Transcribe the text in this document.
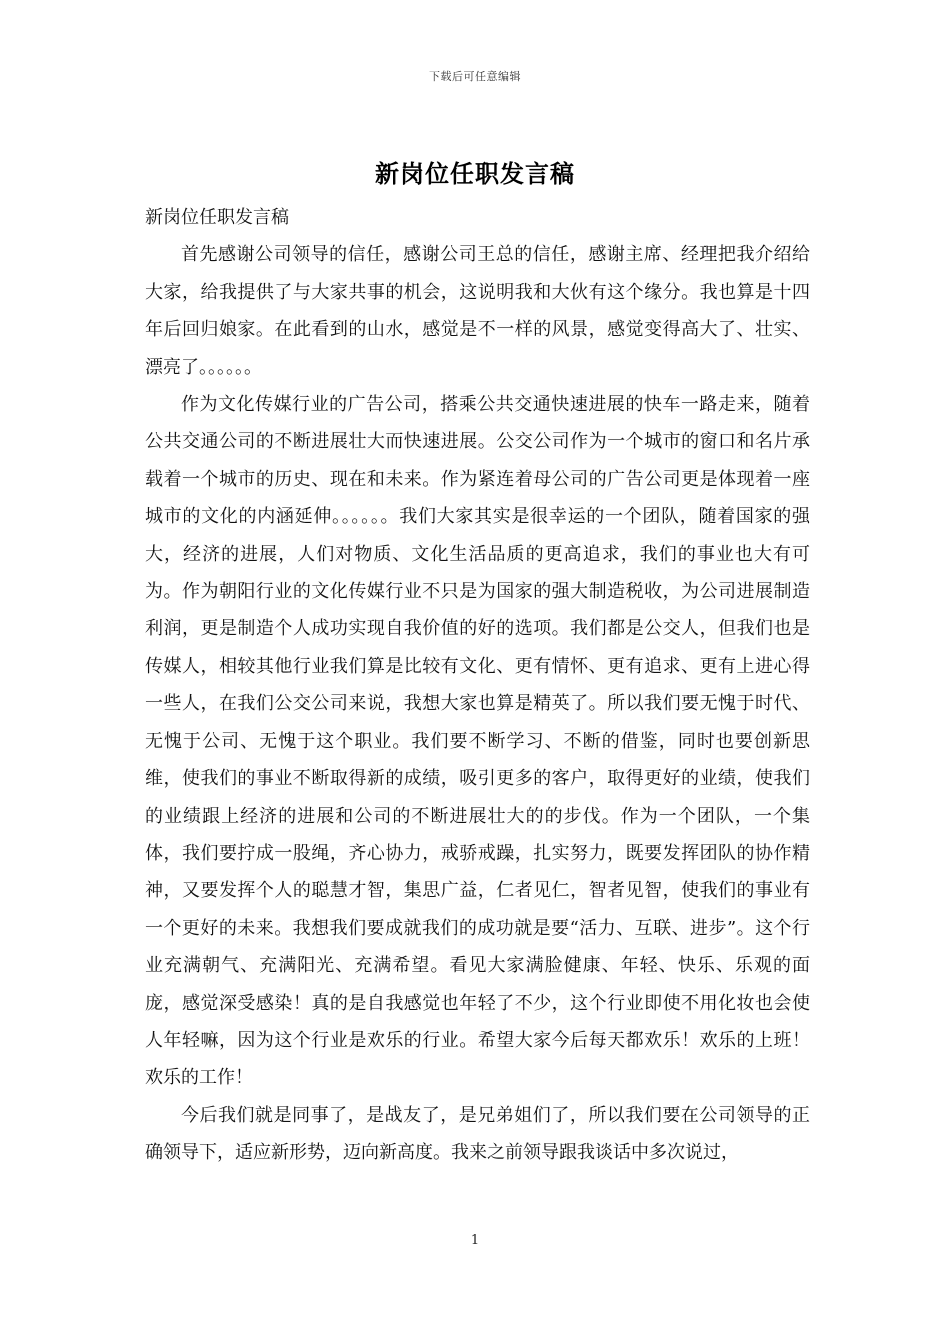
下载后可任意编辑
新岗位任职发言稿

新岗位任职发言稿

首先感谢公司领导的信任，感谢公司王总的信任，感谢主席、经理把我介绍给大家，给我提供了与大家共事的机会，这说明我和大伙有这个缘分。我也算是十四年后回归娘家。在此看到的山水，感觉是不一样的风景，感觉变得高大了、壮实、漂亮了。。。。。。

作为文化传媒行业的广告公司，搭乘公共交通快速进展的快车一路走来，随着公共交通公司的不断进展壮大而快速进展。公交公司作为一个城市的窗口和名片承载着一个城市的历史、现在和未来。作为紧连着母公司的广告公司更是体现着一座城市的文化的内涵延伸。。。。。。我们大家其实是很幸运的一个团队，随着国家的强大，经济的进展，人们对物质、文化生活品质的更高追求，我们的事业也大有可为。作为朝阳行业的文化传媒行业不只是为国家的强大制造税收，为公司进展制造利润，更是制造个人成功实现自我价值的好的选项。我们都是公交人，但我们也是传媒人，相较其他行业我们算是比较有文化、更有情怀、更有追求、更有上进心得一些人，在我们公交公司来说，我想大家也算是精英了。所以我们要无愧于时代、无愧于公司、无愧于这个职业。我们要不断学习、不断的借鉴，同时也要创新思维，使我们的事业不断取得新的成绩，吸引更多的客户，取得更好的业绩，使我们的业绩跟上经济的进展和公司的不断进展壮大的的步伐。作为一个团队，一个集体，我们要拧成一股绳，齐心协力，戒骄戒躁，扎实努力，既要发挥团队的协作精神，又要发挥个人的聪慧才智，集思广益，仁者见仁，智者见智，使我们的事业有一个更好的未来。我想我们要成就我们的成功就是要“活力、互联、进步”。这个行业充满朝气、充满阳光、充满希望。看见大家满脸健康、年轻、快乐、乐观的面庞，感觉深受感染！真的是自我感觉也年轻了不少，这个行业即使不用化妆也会使人年轻嘛，因为这个行业是欢乐的行业。希望大家今后每天都欢乐！欢乐的上班！欢乐的工作！

今后我们就是同事了，是战友了，是兄弟姐们了，所以我们要在公司领导的正确领导下，适应新形势，迈向新高度。我来之前领导跟我谈话中多次说过，

1
